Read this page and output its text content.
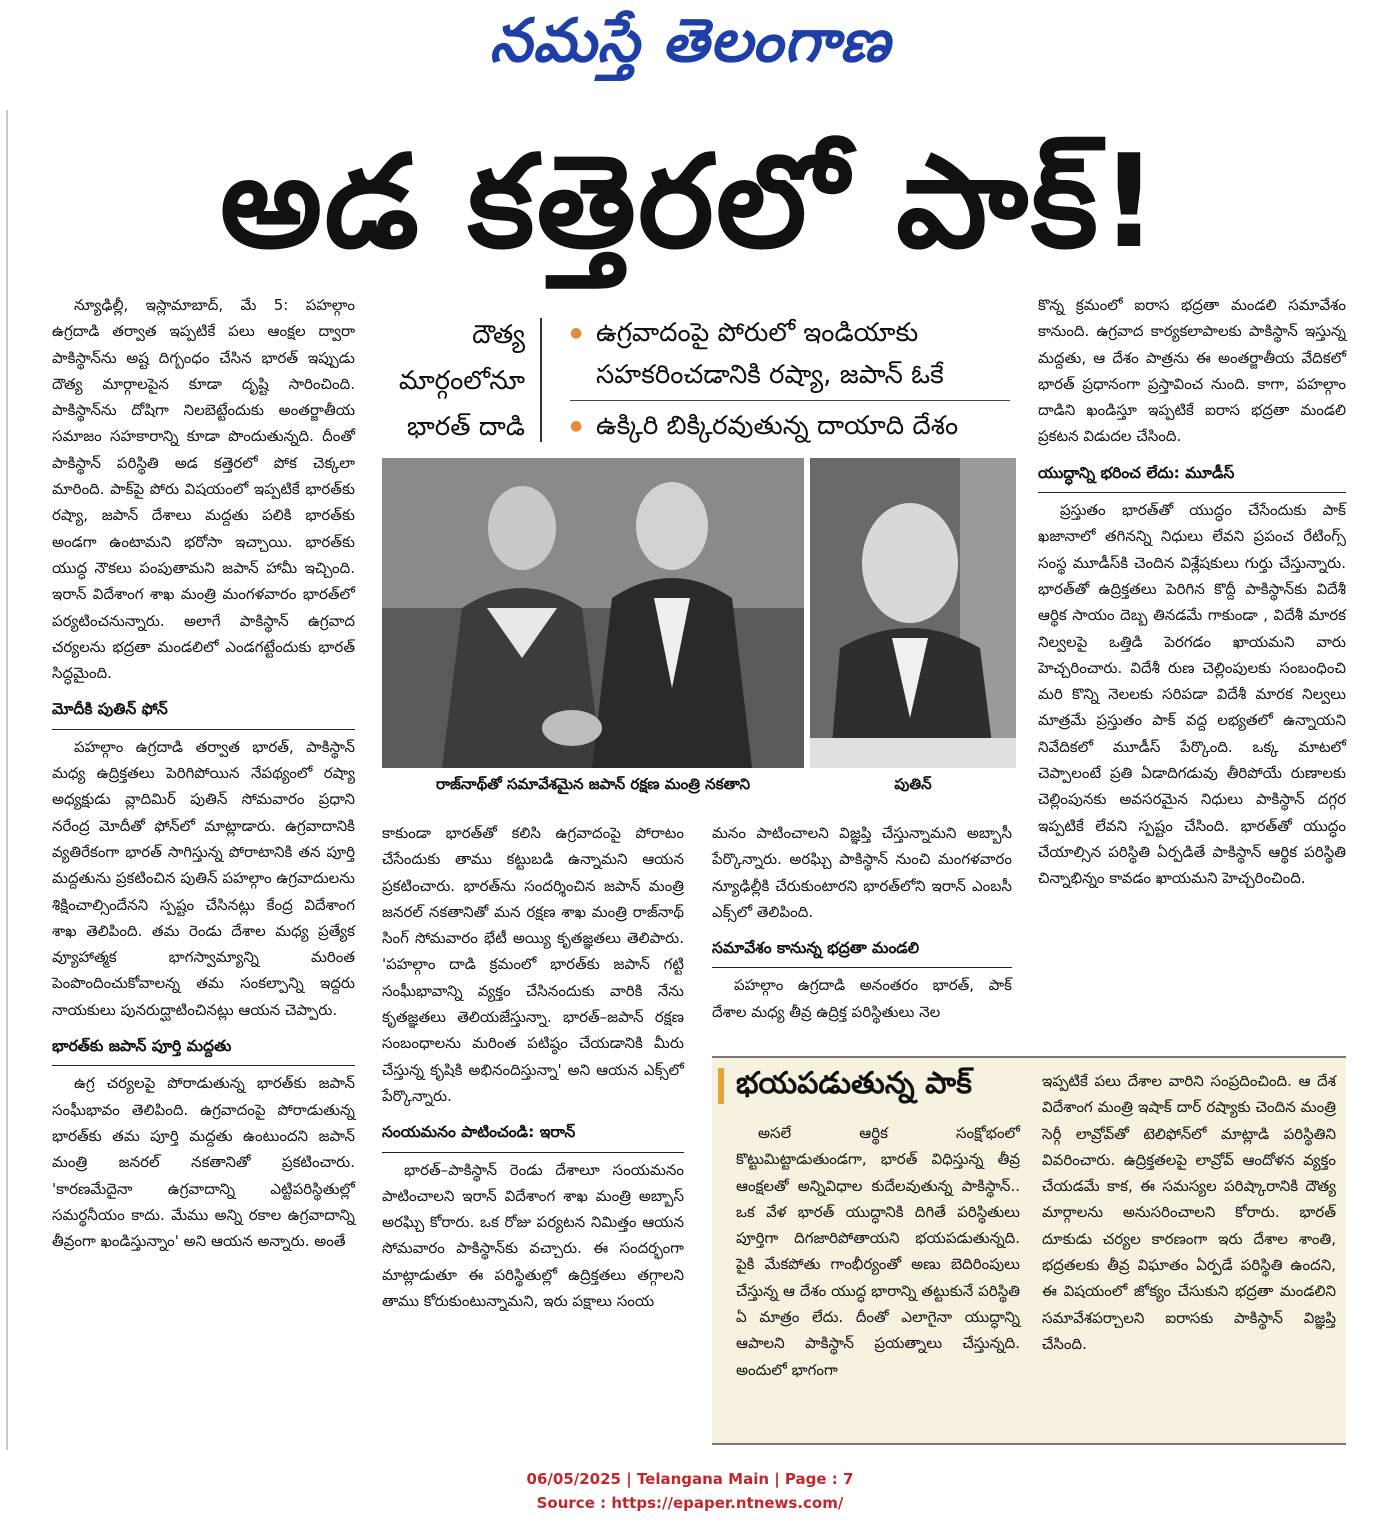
నమస్తే తెలంగాణ
అడ కత్తెరలో పాక్!

న్యూఢిల్లీ, ఇస్లామాబాద్, మే 5: పహల్గాం ఉగ్రదాడి తర్వాత ఇప్పటికే పలు ఆంక్షల ద్వారా పాకిస్థాన్‌ను అష్ట దిగ్బంధం చేసిన భారత్ ఇప్పుడు దౌత్య మార్గాలపైన కూడా దృష్టి సారించింది. పాకిస్థాన్‌ను దోషిగా నిలబెట్టేందుకు అంతర్జాతీయ సమాజం సహకారాన్ని కూడా పొందుతున్నది. దీంతో పాకిస్థాన్ పరిస్థితి అడ కత్తెరలో పోక చెక్కలా మారింది. పాక్‌పై పోరు విషయంలో ఇప్పటికే భారత్‌కు రష్యా, జపాన్ దేశాలు మద్దతు పలికి భారత్‌కు అండగా ఉంటామని భరోసా ఇచ్చాయి. భారత్‌కు యుద్ధ నౌకలు పంపుతామని జపాన్ హామీ ఇచ్చింది. ఇరాన్ విదేశాంగ శాఖ మంత్రి మంగళవారం భారత్‌లో పర్యటించనున్నారు. అలాగే పాకిస్థాన్ ఉగ్రవాద చర్యలను భద్రతా మండలిలో ఎండగట్టేందుకు భారత్ సిద్ధమైంది.

మోదీకి పుతిన్ ఫోన్

పహల్గాం ఉగ్రదాడి తర్వాత భారత్, పాకిస్థాన్ మధ్య ఉద్రిక్తతలు పెరిగిపోయిన నేపథ్యంలో రష్యా అధ్యక్షుడు వ్లాదిమిర్ పుతిన్ సోమవారం ప్రధాని నరేంద్ర మోదీతో ఫోన్‌లో మాట్లాడారు. ఉగ్రవాదానికి వ్యతిరేకంగా భారత్ సాగిస్తున్న పోరాటానికి తన పూర్తి మద్దతును ప్రకటించిన పుతిన్ పహల్గాం ఉగ్రవాదులను శిక్షించాల్సిందేనని స్పష్టం చేసినట్లు కేంద్ర విదేశాంగ శాఖ తెలిపింది. తమ రెండు దేశాల మధ్య ప్రత్యేక వ్యూహాత్మక భాగస్వామ్యాన్ని మరింత పెంపొందించుకోవాలన్న తమ సంకల్పాన్ని ఇద్దరు నాయకులు పునరుద్ఘాటించినట్లు ఆయన చెప్పారు.

భారత్‌కు జపాన్ పూర్తి మద్దతు

ఉగ్ర చర్యలపై పోరాడుతున్న భారత్‌కు జపాన్ సంఘీభావం తెలిపింది. ఉగ్రవాదంపై పోరాడుతున్న భారత్‌కు తమ పూర్తి మద్దతు ఉంటుందని జపాన్ మంత్రి జనరల్ నకతానితో ప్రకటించారు. 'కారణమేదైనా ఉగ్రవాదాన్ని ఎట్టిపరిస్థితుల్లో సమర్థనీయం కాదు. మేము అన్ని రకాల ఉగ్రవాదాన్ని తీవ్రంగా ఖండిస్తున్నాం' అని ఆయన అన్నారు. అంతే

దౌత్య
మార్గంలోనూ
భారత్ దాడి
● ఉగ్రవాదంపై పోరులో ఇండియాకు సహకరించడానికి రష్యా, జపాన్ ఓకే
● ఉక్కిరి బిక్కిరవుతున్న దాయాది దేశం
రాజ్‌నాథ్‌తో సమావేశమైన జపాన్ రక్షణ మంత్రి నకతాని	పుతిన్

కాకుండా భారత్‌తో కలిసి ఉగ్రవాదంపై పోరాటం చేసేందుకు తాము కట్టుబడి ఉన్నామని ఆయన ప్రకటించారు. భారత్‌ను సందర్శించిన జపాన్ మంత్రి జనరల్ నకతానితో మన రక్షణ శాఖ మంత్రి రాజ్‌నాథ్ సింగ్ సోమవారం భేటీ అయ్యి కృతజ్ఞతలు తెలిపారు. 'పహల్గాం దాడి క్రమంలో భారత్‌కు జపాన్ గట్టి సంఘీభావాన్ని వ్యక్తం చేసినందుకు వారికి నేను కృతజ్ఞతలు తెలియజేస్తున్నా. భారత్–జపాన్ రక్షణ సంబంధాలను మరింత పటిష్ఠం చేయడానికి మీరు చేస్తున్న కృషికి అభినందిస్తున్నా' అని ఆయన ఎక్స్‌లో పేర్కొన్నారు.

సంయమనం పాటించండి: ఇరాన్

భారత్–పాకిస్థాన్ రెండు దేశాలూ సంయమనం పాటించాలని ఇరాన్ విదేశాంగ శాఖ మంత్రి అబ్బాస్ అరఘ్చి కోరారు. ఒక రోజు పర్యటన నిమిత్తం ఆయన సోమవారం పాకిస్థాన్‌కు వచ్చారు. ఈ సందర్భంగా మాట్లాడుతూ ఈ పరిస్థితుల్లో ఉద్రిక్తతలు తగ్గాలని తాము కోరుకుంటున్నామని, ఇరు పక్షాలు సంయ

మనం పాటించాలని విజ్ఞప్తి చేస్తున్నామని అబ్బాసీ పేర్కొన్నారు. అరఘ్చి పాకిస్థాన్ నుంచి మంగళవారం న్యూఢిల్లీకి చేరుకుంటారని భారత్‌లోని ఇరాన్ ఎంబసీ ఎక్స్‌లో తెలిపింది.

సమావేశం కానున్న భద్రతా మండలి

పహల్గాం ఉగ్రదాడి అనంతరం భారత్, పాక్ దేశాల మధ్య తీవ్ర ఉద్రిక్త పరిస్థితులు నెల

కొన్న క్రమంలో ఐరాస భద్రతా మండలి సమావేశం కానుంది. ఉగ్రవాద కార్యకలాపాలకు పాకిస్థాన్ ఇస్తున్న మద్దతు, ఆ దేశం పాత్రను ఈ అంతర్జాతీయ వేదికలో భారత్ ప్రధానంగా ప్రస్తావించ నుంది. కాగా, పహల్గాం దాడిని ఖండిస్తూ ఇప్పటికే ఐరాస భద్రతా మండలి ప్రకటన విడుదల చేసింది.

యుద్ధాన్ని భరించ లేదు: మూడీస్

ప్రస్తుతం భారత్‌తో యుద్ధం చేసేందుకు పాక్ ఖజానాలో తగినన్ని నిధులు లేవని ప్రపంచ రేటింగ్స్ సంస్థ మూడీస్‌కి చెందిన విశ్లేషకులు గుర్తు చేస్తున్నారు. భారత్‌తో ఉద్రిక్తతలు పెరిగిన కొద్దీ పాకిస్థాన్‌కు విదేశీ ఆర్థిక సాయం దెబ్బ తినడమే గాకుండా , విదేశీ మారక నిల్వలపై ఒత్తిడి పెరగడం ఖాయమని వారు హెచ్చరించారు. విదేశీ రుణ చెల్లింపులకు సంబంధించి మరి కొన్ని నెలలకు సరిపడా విదేశీ మారక నిల్వలు మాత్రమే ప్రస్తుతం పాక్ వద్ద లభ్యతలో ఉన్నాయని నివేదికలో మూడీస్ పేర్కొంది. ఒక్క మాటలో చెప్పాలంటే ప్రతి ఏడాదిగడువు తీరిపోయే రుణాలకు చెల్లింపునకు అవసరమైన నిధులు పాకిస్థాన్ దగ్గర ఇప్పటికే లేవని స్పష్టం చేసింది. భారత్‌తో యుద్ధం చేయాల్సిన పరిస్థితి ఏర్పడితే పాకిస్థాన్ ఆర్థిక పరిస్థితి చిన్నాభిన్నం కావడం ఖాయమని హెచ్చరించింది.

భయపడుతున్న పాక్

అసలే ఆర్థిక సంక్షోభంలో కొట్టుమిట్టాడుతుండగా, భారత్ విధిస్తున్న తీవ్ర ఆంక్షలతో అన్నివిధాల కుదేలవుతున్న పాకిస్థాన్.. ఒక వేళ భారత్ యుద్ధానికి దిగితే పరిస్థితులు పూర్తిగా దిగజారిపోతాయని భయపడుతున్నది. పైకి మేకపోతు గాంభీర్యంతో అణు బెదిరింపులు చేస్తున్న ఆ దేశం యుద్ధ భారాన్ని తట్టుకునే పరిస్థితి ఏ మాత్రం లేదు. దీంతో ఎలాగైనా యుద్ధాన్ని ఆపాలని పాకిస్థాన్ ప్రయత్నాలు చేస్తున్నది. అందులో భాగంగా

ఇప్పటికే పలు దేశాల వారిని సంప్రదించింది. ఆ దేశ విదేశాంగ మంత్రి ఇషాక్ దార్ రష్యాకు చెందిన మంత్రి సెర్గీ లావ్రోవ్‌తో టెలిఫోన్‌లో మాట్లాడి పరిస్థితిని వివరించారు. ఉద్రిక్తతలపై లావ్రోవ్ ఆందోళన వ్యక్తం చేయడమే కాక, ఈ సమస్యల పరిష్కారానికి దౌత్య మార్గాలను అనుసరించాలని కోరారు. భారత్ దూకుడు చర్యల కారణంగా ఇరు దేశాల శాంతి, భద్రతలకు తీవ్ర విఘాతం ఏర్పడే పరిస్థితి ఉందని, ఈ విషయంలో జోక్యం చేసుకుని భద్రతా మండలిని సమావేశపర్చాలని ఐరాసకు పాకిస్థాన్ విజ్ఞప్తి చేసింది.

06/05/2025 | Telangana Main | Page : 7
Source : https://epaper.ntnews.com/
